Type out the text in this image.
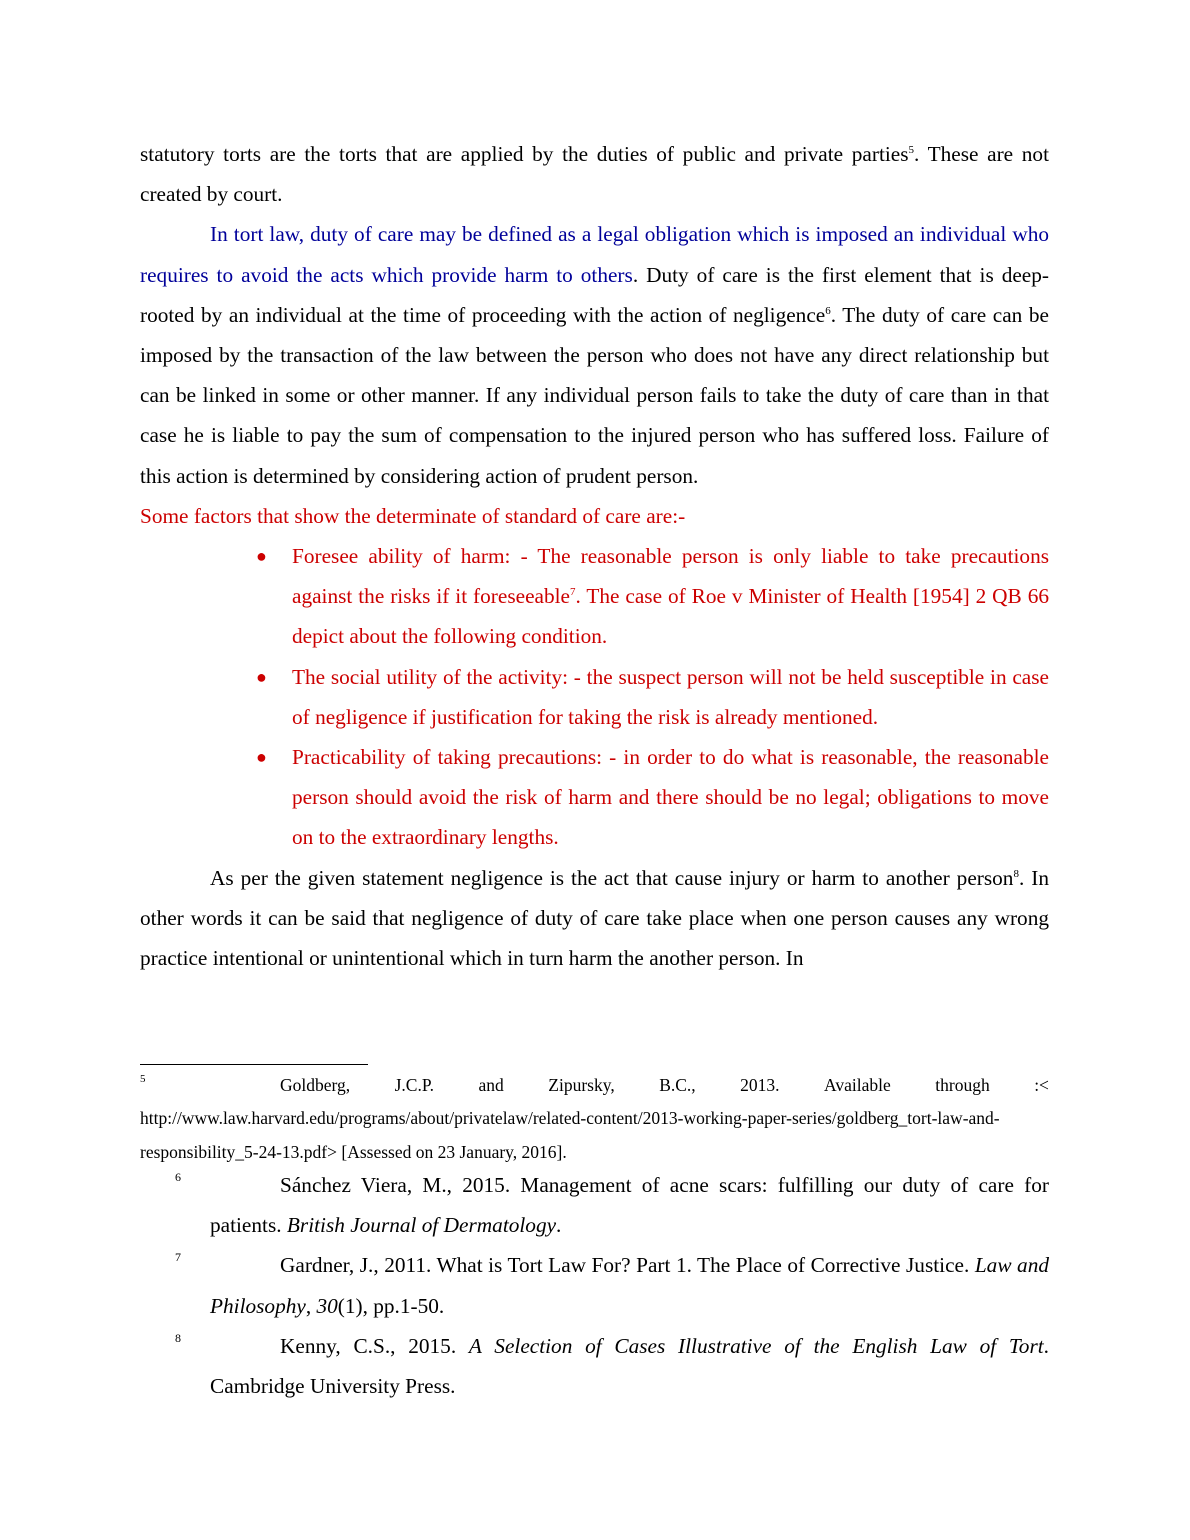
statutory torts are the torts that are applied by the duties of public and private parties$^5$. These are not created by court.

In tort law, duty of care may be defined as a legal obligation which is imposed an individual who requires to avoid the acts which provide harm to others. Duty of care is the first element that is deep-rooted by an individual at the time of proceeding with the action of negligence$^6$. The duty of care can be imposed by the transaction of the law between the person who does not have any direct relationship but can be linked in some or other manner. If any individual person fails to take the duty of care than in that case he is liable to pay the sum of compensation to the injured person who has suffered loss. Failure of this action is determined by considering action of prudent person.

Some factors that show the determinate of standard of care are:-

● Foresee ability of harm: - The reasonable person is only liable to take precautions against the risks if it foreseeable$^7$. The case of Roe v Minister of Health [1954] 2 QB 66 depict about the following condition.
● The social utility of the activity: - the suspect person will not be held susceptible in case of negligence if justification for taking the risk is already mentioned.
● Practicability of taking precautions: - in order to do what is reasonable, the reasonable person should avoid the risk of harm and there should be no legal; obligations to move on to the extraordinary lengths.

As per the given statement negligence is the act that cause injury or harm to another person$^8$. In other words it can be said that negligence of duty of care take place when one person causes any wrong practice intentional or unintentional which in turn harm the another person. In

5	Goldberg,	J.C.P.	and	Zipursky,	B.C.,	2013.	Available	through	:<
http://www.law.harvard.edu/programs/about/privatelaw/related-content/2013-working-paper-series/goldberg_tort-law-and-responsibility_5-24-13.pdf> [Assessed on 23 January, 2016].
6	Sánchez Viera, M., 2015. Management of acne scars: fulfilling our duty of care for patients. British Journal of Dermatology.
7	Gardner, J., 2011. What is Tort Law For? Part 1. The Place of Corrective Justice. Law and Philosophy, 30(1), pp.1-50.
8	Kenny, C.S., 2015. A Selection of Cases Illustrative of the English Law of Tort. Cambridge University Press.
